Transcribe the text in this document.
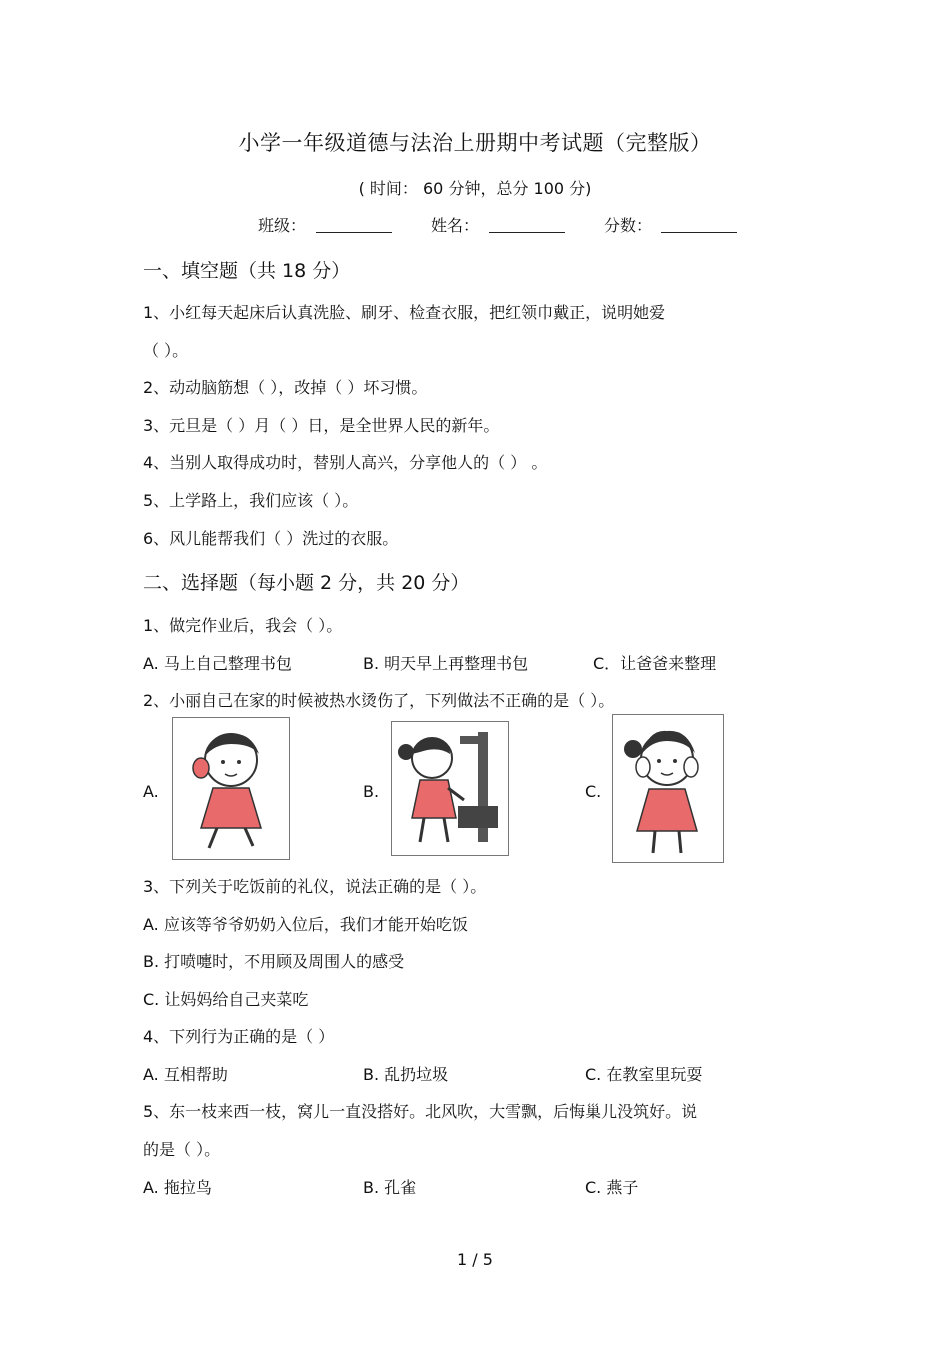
小学一年级道德与法治上册期中考试题（完整版）
( 时间： 60 分钟，总分 100 分)
班级：	姓名：	分数：
一、填空题（共 18 分）
1、小红每天起床后认真洗脸、刷牙、检查衣服，把红领巾戴正，说明她爱
（ ）。
2、动动脑筋想（ ），改掉（ ）坏习惯。
3、元旦是（ ）月（ ）日，是全世界人民的新年。
4、当别人取得成功时，替别人高兴，分享他人的（ ） 。
5、上学路上，我们应该（ ）。
6、风儿能帮我们（ ）洗过的衣服。
二、选择题（每小题 2 分，共 20 分）
1、做完作业后，我会（ ）。
A. 马上自己整理书包	B. 明天早上再整理书包	C．让爸爸来整理
2、小丽自己在家的时候被热水烫伤了，下列做法不正确的是（ ）。
A.	B.	C.
3、下列关于吃饭前的礼仪，说法正确的是（ ）。
A. 应该等爷爷奶奶入位后，我们才能开始吃饭
B. 打喷嚏时，不用顾及周围人的感受
C. 让妈妈给自己夹菜吃
4、下列行为正确的是（ ）
A. 互相帮助	B. 乱扔垃圾	C. 在教室里玩耍
5、东一枝来西一枝，窝儿一直没搭好。北风吹，大雪飘，后悔巢儿没筑好。说
的是（ ）。
A. 拖拉鸟	B. 孔雀	C. 燕子
1 / 5
